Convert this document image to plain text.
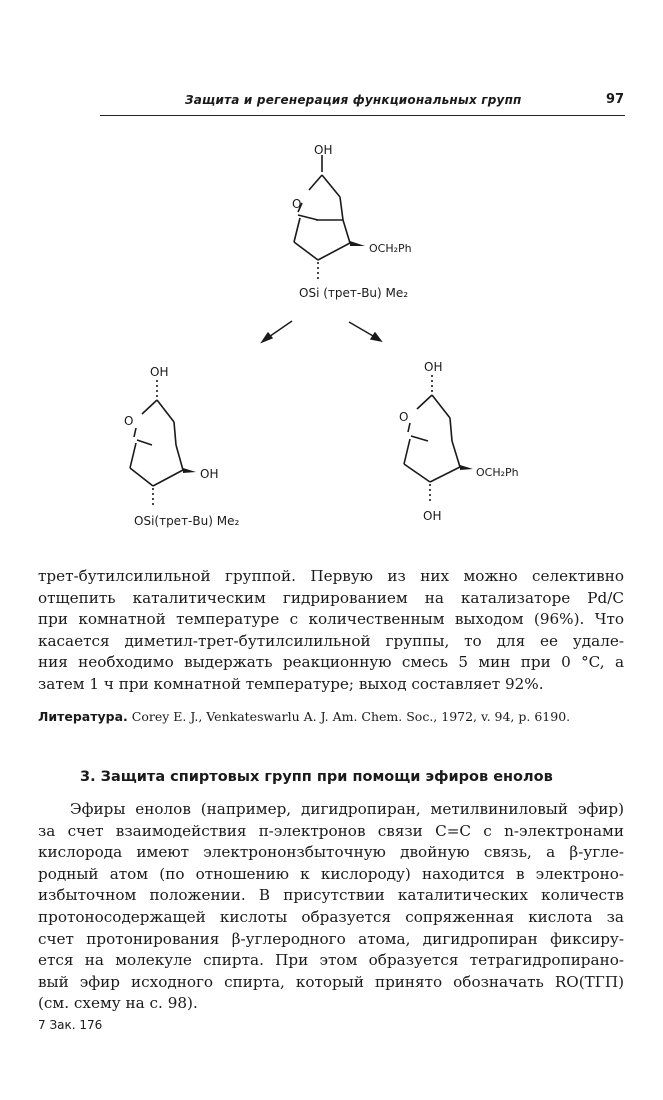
Защита и регенерация функциональных групп	97
OH
O
OCH₂Ph
OSi (трет-Bu) Me₂
OH
O
OH
OSi(трет-Bu) Me₂
OH
O
OCH₂Ph
OH
трет-бутилсилильной группой. Первую из них можно селективно
отщепить каталитическим гидрированием на катализаторе Pd/C
при комнатной температуре с количественным выходом (96%). Что
касается диметил-трет-бутилсилильной группы, то для ее удале-
ния необходимо выдержать реакционную смесь 5 мин при 0 °C, а
затем 1 ч при комнатной температуре; выход составляет 92%.
Литература. Corey E. J., Venkateswarlu A. J. Am. Chem. Soc., 1972, v. 94, p. 6190.
3. Защита спиртовых групп при помощи эфиров енолов
Эфиры енолов (например, дигидропиран, метилвиниловый эфир)
за счет взаимодействия π-электронов связи C=C с n-электронами
кислорода имеют электрононзбыточную двойную связь, а β-угле-
родный атом (по отношению к кислороду) находится в электроно-
избыточном положении. В присутствии каталитических количеств
протоносодержащей кислоты образуется сопряженная кислота за
счет протонирования β-углеродного атома, дигидропиран фиксиру-
ется на молекуле спирта. При этом образуется тетрагидропирано-
вый эфир исходного спирта, который принято обозначать RO(ТГП)
(см. схему на с. 98).
7 Зак. 176
